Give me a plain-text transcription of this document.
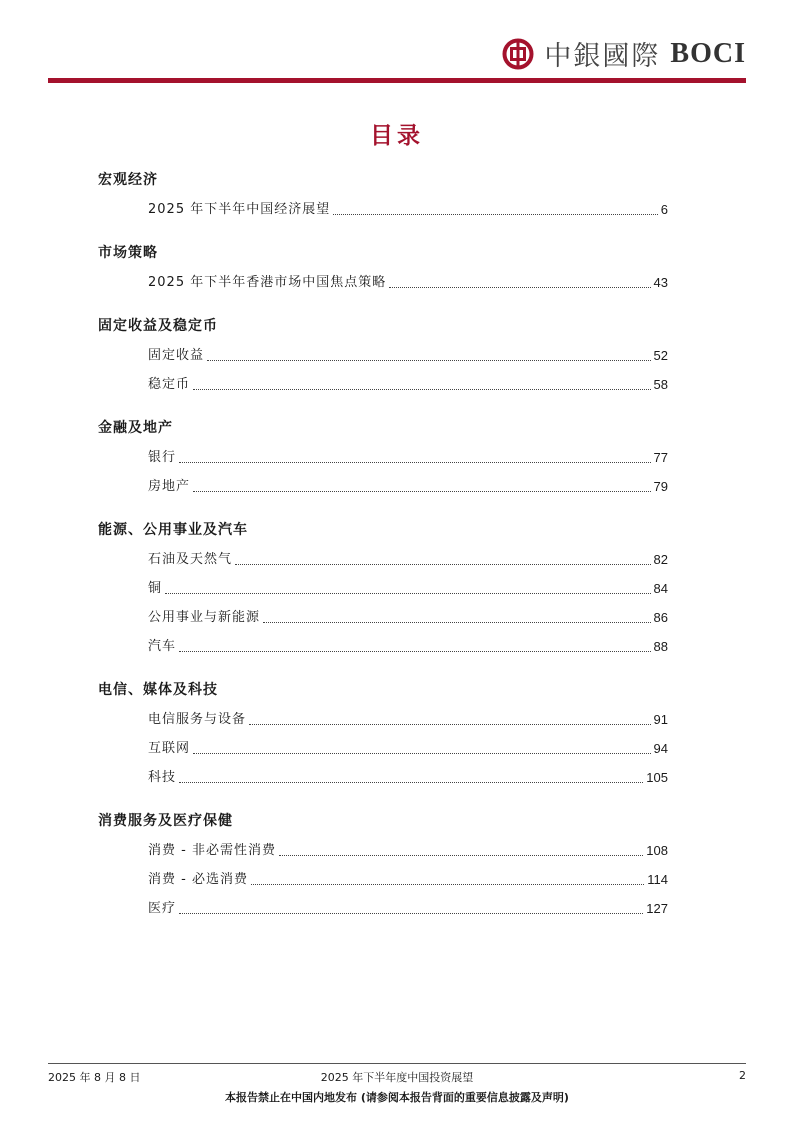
中銀國際 BOCI
目录
宏观经济
2025 年下半年中国经济展望	6
市场策略
2025 年下半年香港市场中国焦点策略	43
固定收益及稳定币
固定收益	52
稳定币	58
金融及地产
银行	77
房地产	79
能源、公用事业及汽车
石油及天然气	82
铜	84
公用事业与新能源	86
汽车	88
电信、媒体及科技
电信服务与设备	91
互联网	94
科技	105
消费服务及医疗保健
消费 - 非必需性消费	108
消费 - 必选消费	114
医疗	127
2025 年 8 月 8 日	2025 年下半年度中国投资展望	2
本报告禁止在中国内地发布 (请参阅本报告背面的重要信息披露及声明)
